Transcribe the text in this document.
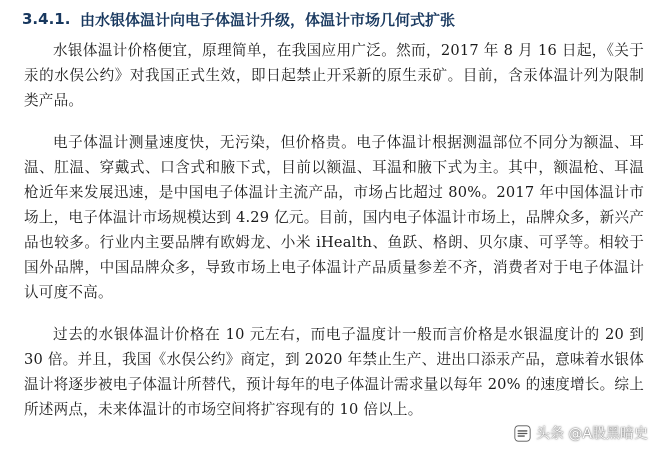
3.4.1. 由水银体温计向电子体温计升级，体温计市场几何式扩张

水银体温计价格便宜，原理简单，在我国应用广泛。然而，2017 年 8 月 16 日起，《关于汞的水俣公约》对我国正式生效，即日起禁止开采新的原生汞矿。目前，含汞体温计列为限制类产品。

电子体温计测量速度快，无污染，但价格贵。电子体温计根据测温部位不同分为额温、耳温、肛温、穿戴式、口含式和腋下式，目前以额温、耳温和腋下式为主。其中，额温枪、耳温枪近年来发展迅速，是中国电子体温计主流产品，市场占比超过 80%。2017 年中国体温计市场上，电子体温计市场规模达到 4.29 亿元。目前，国内电子体温计市场上，品牌众多，新兴产品也较多。行业内主要品牌有欧姆龙、小米 iHealth、鱼跃、格朗、贝尔康、可孚等。相较于国外品牌，中国品牌众多，导致市场上电子体温计产品质量参差不齐，消费者对于电子体温计认可度不高。

过去的水银体温计价格在 10 元左右，而电子温度计一般而言价格是水银温度计的 20 到 30 倍。并且，我国《水俣公约》商定，到 2020 年禁止生产、进出口添汞产品，意味着水银体温计将逐步被电子体温计所替代，预计每年的电子体温计需求量以每年 20% 的速度增长。综上所述两点，未来体温计的市场空间将扩容现有的 10 倍以上。

头条 @A股黑暗史
